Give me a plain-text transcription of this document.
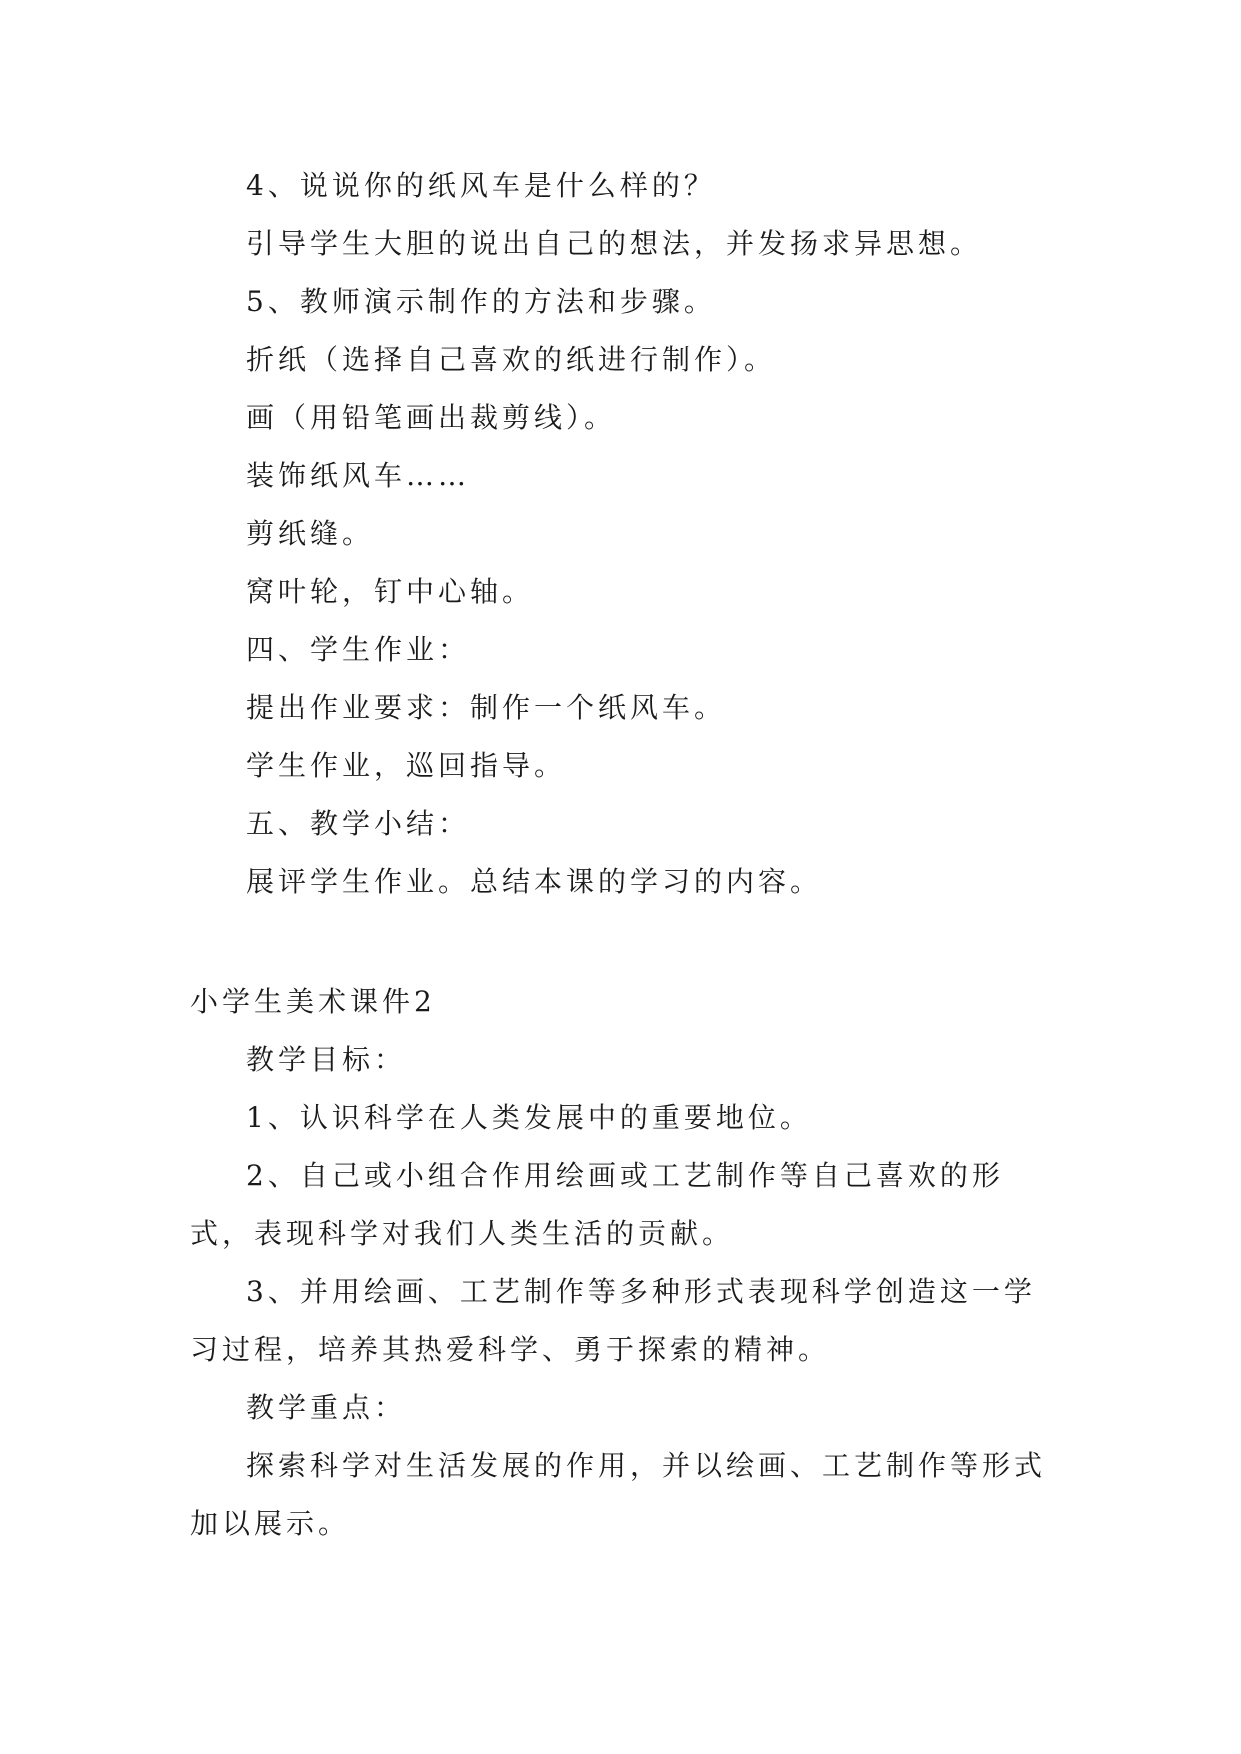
4、说说你的纸风车是什么样的？

引导学生大胆的说出自己的想法，并发扬求异思想。

5、教师演示制作的方法和步骤。

折纸（选择自己喜欢的纸进行制作）。

画（用铅笔画出裁剪线）。

装饰纸风车……

剪纸缝。

窝叶轮，钉中心轴。

四、学生作业：

提出作业要求：制作一个纸风车。

学生作业，巡回指导。

五、教学小结：

展评学生作业。总结本课的学习的内容。

小学生美术课件2

教学目标：

1、认识科学在人类发展中的重要地位。

2、自己或小组合作用绘画或工艺制作等自己喜欢的形式，表现科学对我们人类生活的贡献。

3、并用绘画、工艺制作等多种形式表现科学创造这一学习过程，培养其热爱科学、勇于探索的精神。

教学重点：

探索科学对生活发展的作用，并以绘画、工艺制作等形式加以展示。
